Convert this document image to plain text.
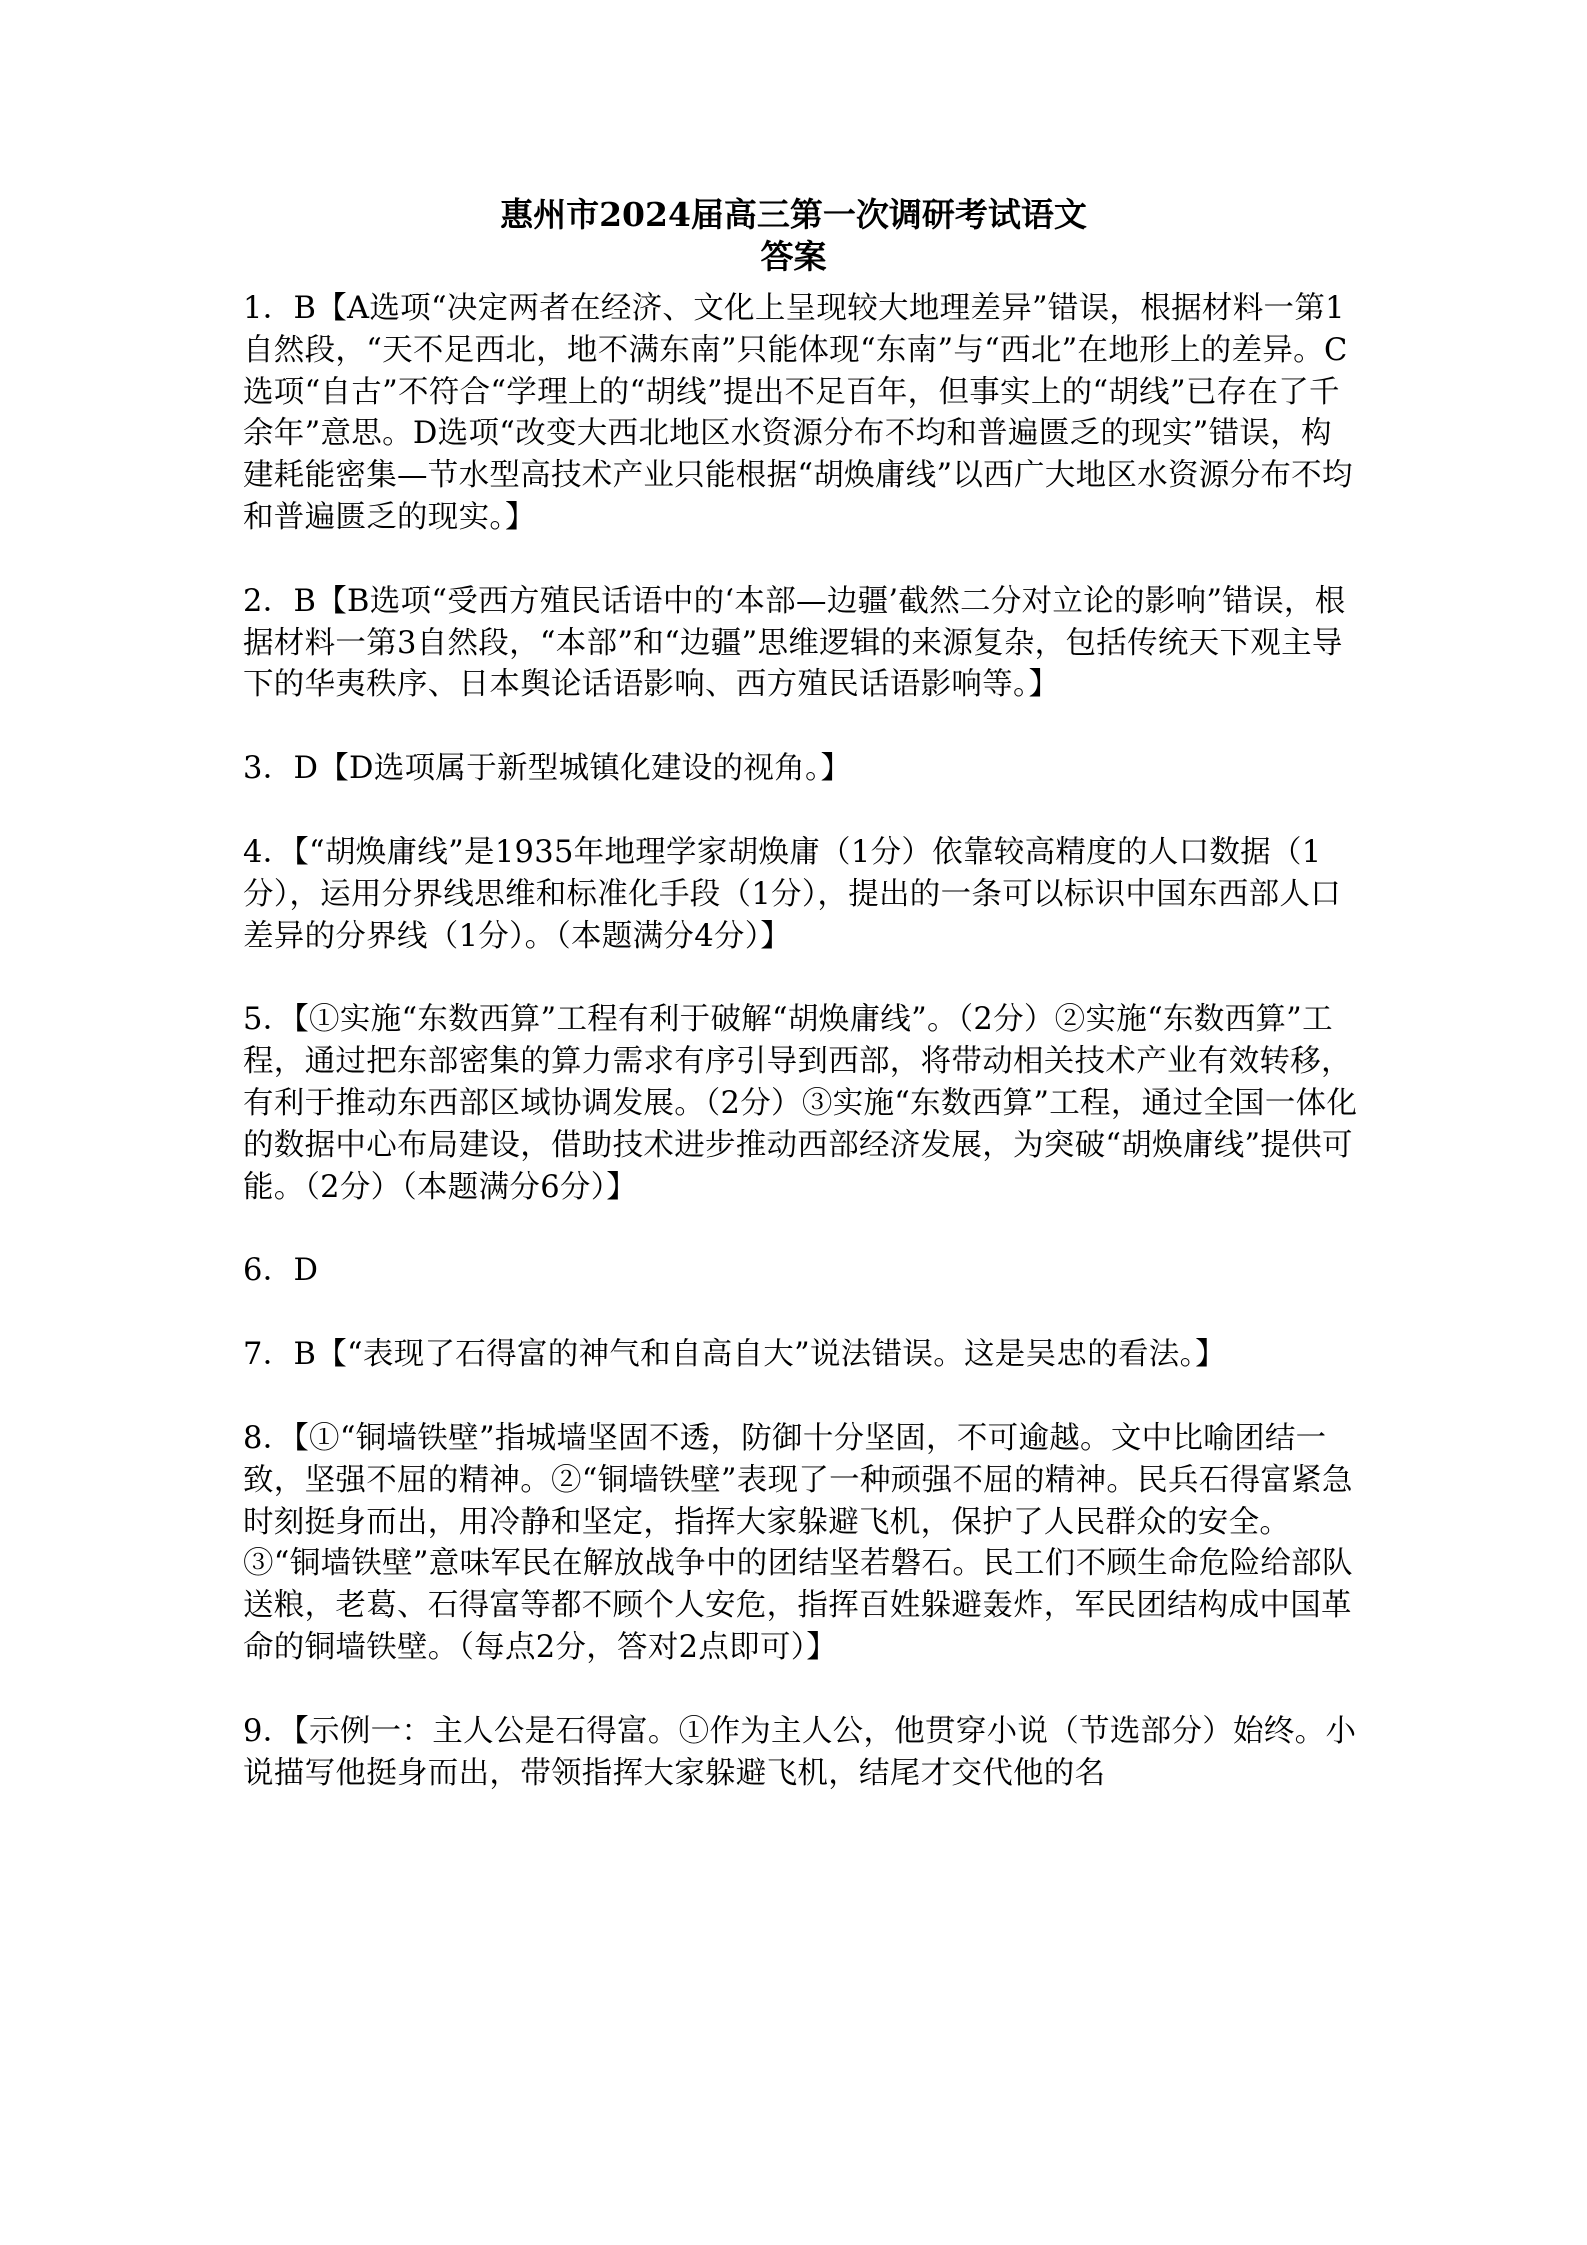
惠州市2024届高三第一次调研考试语文
答案

1．B【A选项“决定两者在经济、文化上呈现较大地理差异”错误，根据材料一第1自然段，“天不足西北，地不满东南”只能体现“东南”与“西北”在地形上的差异。C选项“自古”不符合“学理上的“胡线”提出不足百年，但事实上的“胡线”已存在了千余年”意思。D选项“改变大西北地区水资源分布不均和普遍匮乏的现实”错误，构建耗能密集—节水型高技术产业只能根据“胡焕庸线”以西广大地区水资源分布不均和普遍匮乏的现实。】

2．B【B选项“受西方殖民话语中的‘本部—边疆’截然二分对立论的影响”错误，根据材料一第3自然段，“本部”和“边疆”思维逻辑的来源复杂，包括传统天下观主导下的华夷秩序、日本舆论话语影响、西方殖民话语影响等。】

3．D【D选项属于新型城镇化建设的视角。】

4．【“胡焕庸线”是1935年地理学家胡焕庸（1分）依靠较高精度的人口数据（1分），运用分界线思维和标准化手段（1分），提出的一条可以标识中国东西部人口差异的分界线（1分）。（本题满分4分）】

5．【①实施“东数西算”工程有利于破解“胡焕庸线”。（2分）②实施“东数西算”工程，通过把东部密集的算力需求有序引导到西部，将带动相关技术产业有效转移，有利于推动东西部区域协调发展。（2分）③实施“东数西算”工程，通过全国一体化的数据中心布局建设，借助技术进步推动西部经济发展，为突破“胡焕庸线”提供可能。（2分）（本题满分6分）】

6．D

7．B【“表现了石得富的神气和自高自大”说法错误。这是吴忠的看法。】

8．【①“铜墙铁壁”指城墙坚固不透，防御十分坚固，不可逾越。文中比喻团结一致，坚强不屈的精神。②“铜墙铁壁”表现了一种顽强不屈的精神。民兵石得富紧急时刻挺身而出，用冷静和坚定，指挥大家躲避飞机，保护了人民群众的安全。③“铜墙铁壁”意味军民在解放战争中的团结坚若磐石。民工们不顾生命危险给部队送粮，老葛、石得富等都不顾个人安危，指挥百姓躲避轰炸，军民团结构成中国革命的铜墙铁壁。（每点2分，答对2点即可）】

9．【示例一：主人公是石得富。①作为主人公，他贯穿小说（节选部分）始终。小说描写他挺身而出，带领指挥大家躲避飞机，结尾才交代他的名
